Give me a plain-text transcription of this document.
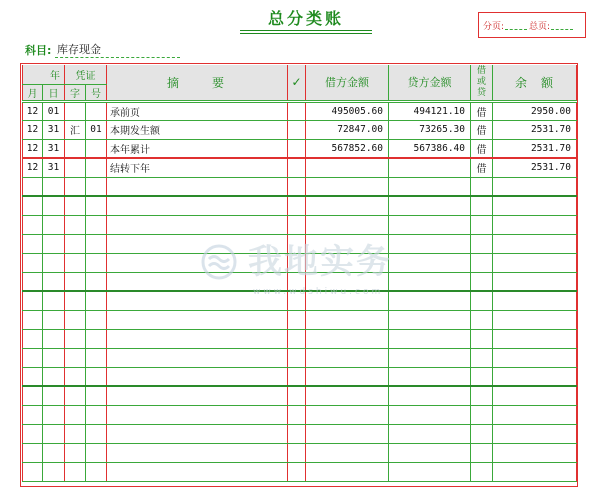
总分类账	分页:	总页:
科目: 库存现金
年		凭证		摘　　要	✓	借方金额	贷方金额	借或贷	余　额
月	日	字	号						
12	01			承前页		495005.60	494121.10	借	2950.00
12	31	汇	01	本期发生额		72847.00	73265.30	借	2531.70
12	31			本年累计		567852.60	567386.40	借	2531.70
12	31			结转下年				借	2531.70

我地实务
www.wdshiwu.com
